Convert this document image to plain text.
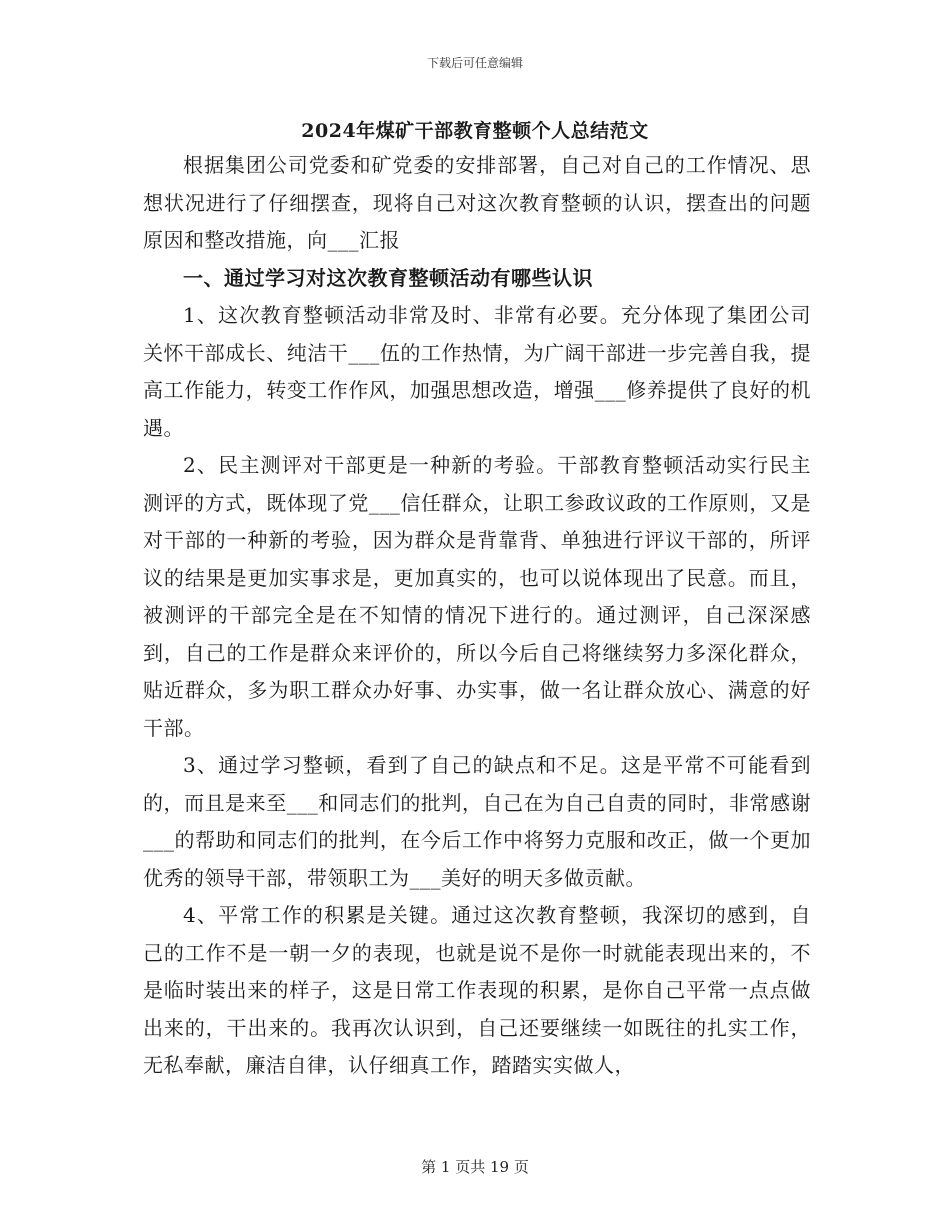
下载后可任意编辑
2024年煤矿干部教育整顿个人总结范文

根据集团公司党委和矿党委的安排部署，自己对自己的工作情况、思想状况进行了仔细摆查，现将自己对这次教育整顿的认识，摆查出的问题原因和整改措施，向___汇报

一、通过学习对这次教育整顿活动有哪些认识

1、这次教育整顿活动非常及时、非常有必要。充分体现了集团公司关怀干部成长、纯洁干___伍的工作热情，为广阔干部进一步完善自我，提高工作能力，转变工作作风，加强思想改造，增强___修养提供了良好的机遇。

2、民主测评对干部更是一种新的考验。干部教育整顿活动实行民主测评的方式，既体现了党___信任群众，让职工参政议政的工作原则，又是对干部的一种新的考验，因为群众是背靠背、单独进行评议干部的，所评议的结果是更加实事求是，更加真实的，也可以说体现出了民意。而且，被测评的干部完全是在不知情的情况下进行的。通过测评，自己深深感到，自己的工作是群众来评价的，所以今后自己将继续努力多深化群众，贴近群众，多为职工群众办好事、办实事，做一名让群众放心、满意的好干部。

3、通过学习整顿，看到了自己的缺点和不足。这是平常不可能看到的，而且是来至___和同志们的批判，自己在为自己自责的同时，非常感谢___的帮助和同志们的批判，在今后工作中将努力克服和改正，做一个更加优秀的领导干部，带领职工为___美好的明天多做贡献。

4、平常工作的积累是关键。通过这次教育整顿，我深切的感到，自己的工作不是一朝一夕的表现，也就是说不是你一时就能表现出来的，不是临时装出来的样子，这是日常工作表现的积累，是你自己平常一点点做出来的，干出来的。我再次认识到，自己还要继续一如既往的扎实工作，无私奉献，廉洁自律，认仔细真工作，踏踏实实做人，

第 1 页共 19 页
